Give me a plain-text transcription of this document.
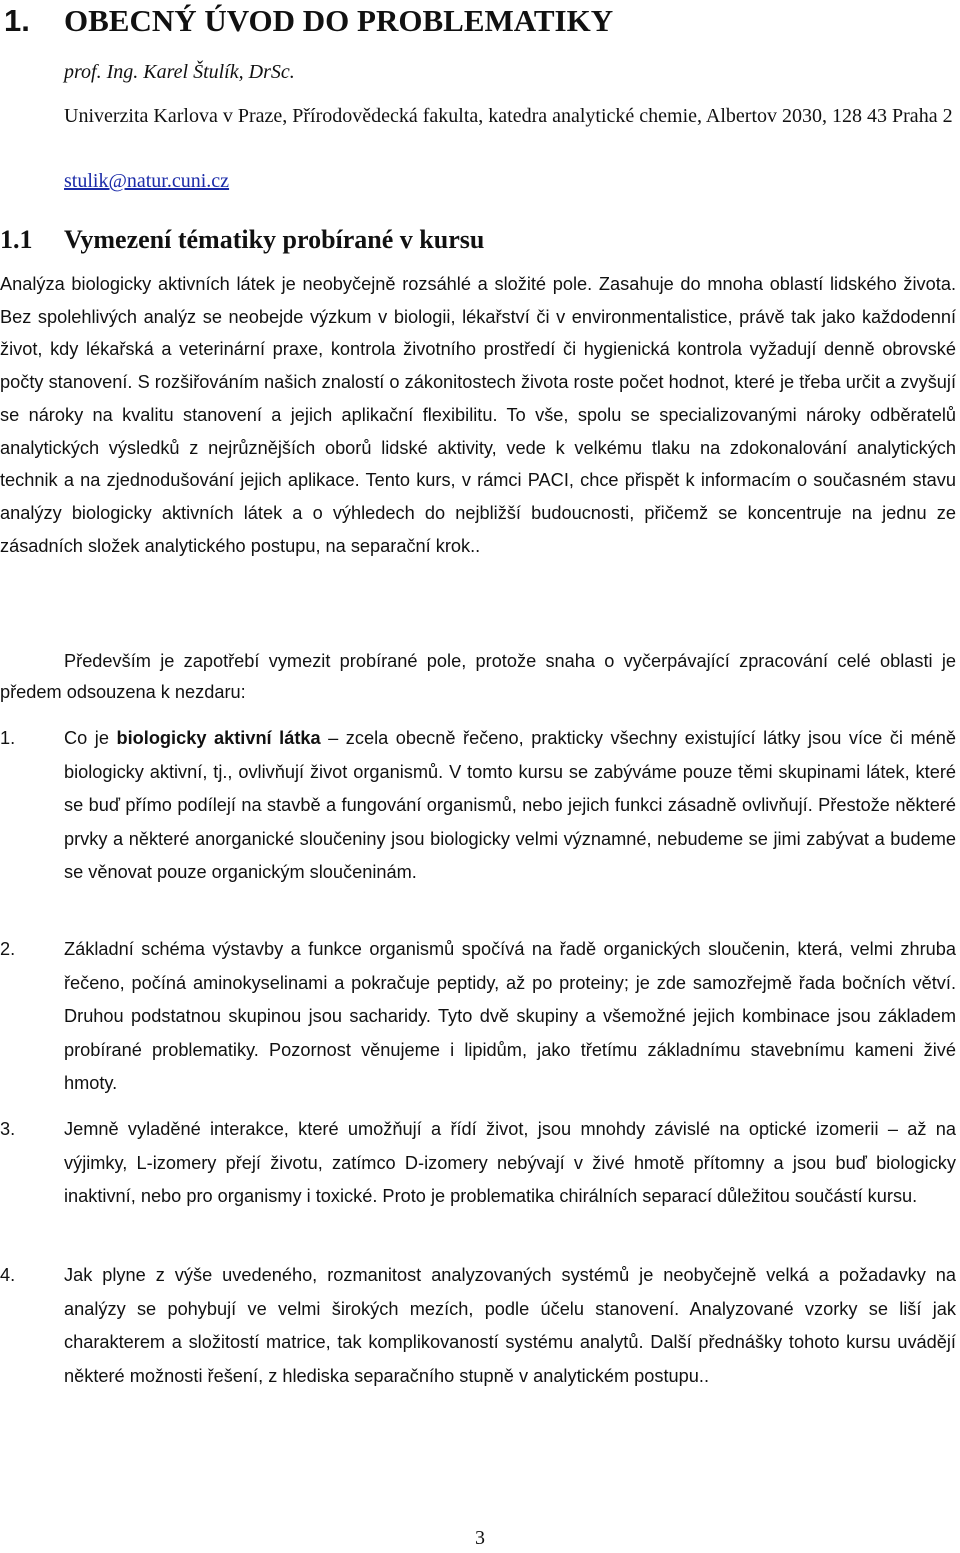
1. OBECNÝ ÚVOD DO PROBLEMATIKY
prof. Ing. Karel Štulík, DrSc.
Univerzita Karlova v Praze, Přírodovědecká fakulta, katedra analytické chemie, Albertov 2030, 128 43 Praha 2
stulik@natur.cuni.cz
1.1 Vymezení tématiky probírané v kursu

Analýza biologicky aktivních látek je neobyčejně rozsáhlé a složité pole. Zasahuje do mnoha oblastí lidského života. Bez spolehlivých analýz se neobejde výzkum v biologii, lékařství či v environmentalistice, právě tak jako každodenní život, kdy lékařská a veterinární praxe, kontrola životního prostředí či hygienická kontrola vyžadují denně obrovské počty stanovení. S rozšiřováním našich znalostí o zákonitostech života roste počet hodnot, které je třeba určit a zvyšují se nároky na kvalitu stanovení a jejich aplikační flexibilitu. To vše, spolu se specializovanými nároky odběratelů analytických výsledků z nejrůznějších oborů lidské aktivity, vede k velkému tlaku na zdokonalování analytických technik a na zjednodušování jejich aplikace. Tento kurs, v rámci PACI, chce přispět k informacím o současném stavu analýzy biologicky aktivních látek a o výhledech do nejbližší budoucnosti, přičemž se koncentruje na jednu ze zásadních složek analytického postupu, na separační krok..

Především je zapotřebí vymezit probírané pole, protože snaha o vyčerpávající zpracování celé oblasti je předem odsouzena k nezdaru:

1.	Co je biologicky aktivní látka – zcela obecně řečeno, prakticky všechny existující látky jsou více či méně biologicky aktivní, tj., ovlivňují život organismů. V tomto kursu se zabýváme pouze těmi skupinami látek, které se buď přímo podílejí na stavbě a fungování organismů, nebo jejich funkci zásadně ovlivňují. Přestože některé prvky a některé anorganické sloučeniny jsou biologicky velmi významné, nebudeme se jimi zabývat a budeme se věnovat pouze organickým sloučeninám.
2.	Základní schéma výstavby a funkce organismů spočívá na řadě organických sloučenin, která, velmi zhruba řečeno, počíná aminokyselinami a pokračuje peptidy, až po proteiny; je zde samozřejmě řada bočních větví. Druhou podstatnou skupinou jsou sacharidy. Tyto dvě skupiny a všemožné jejich kombinace jsou základem probírané problematiky. Pozornost věnujeme i lipidům, jako třetímu základnímu stavebnímu kameni živé hmoty.
3.	Jemně vyladěné interakce, které umožňují a řídí život, jsou mnohdy závislé na optické izomerii – až na výjimky, L-izomery přejí životu, zatímco D-izomery nebývají v živé hmotě přítomny a jsou buď biologicky inaktivní, nebo pro organismy i toxické. Proto je problematika chirálních separací důležitou součástí kursu.
4.	Jak plyne z výše uvedeného, rozmanitost analyzovaných systémů je neobyčejně velká a požadavky na analýzy se pohybují ve velmi širokých mezích, podle účelu stanovení. Analyzované vzorky se liší jak charakterem a složitostí matrice, tak komplikovaností systému analytů. Další přednášky tohoto kursu uvádějí některé možnosti řešení, z hlediska separačního stupně v analytickém postupu..
3
